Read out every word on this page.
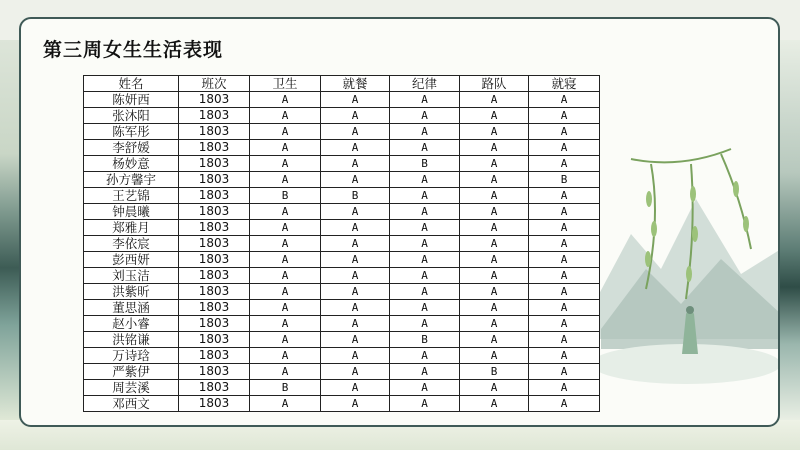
第三周女生生活表现
姓名	班次	卫生	就餐	纪律	路队	就寝
陈妍西	1803	A	A	A	A	A
张沐阳	1803	A	A	A	A	A
陈军彤	1803	A	A	A	A	A
李舒媛	1803	A	A	A	A	A
杨妙意	1803	A	A	B	A	A
孙方馨宇	1803	A	A	A	A	B
王艺锦	1803	B	B	A	A	A
钟晨曦	1803	A	A	A	A	A
郑雅月	1803	A	A	A	A	A
李依宸	1803	A	A	A	A	A
彭西妍	1803	A	A	A	A	A
刘玉洁	1803	A	A	A	A	A
洪紫昕	1803	A	A	A	A	A
董思涵	1803	A	A	A	A	A
赵小睿	1803	A	A	A	A	A
洪铭谦	1803	A	A	B	A	A
万诗琀	1803	A	A	A	A	A
严紫伊	1803	A	A	A	B	A
周芸溪	1803	B	A	A	A	A
邓西文	1803	A	A	A	A	A
